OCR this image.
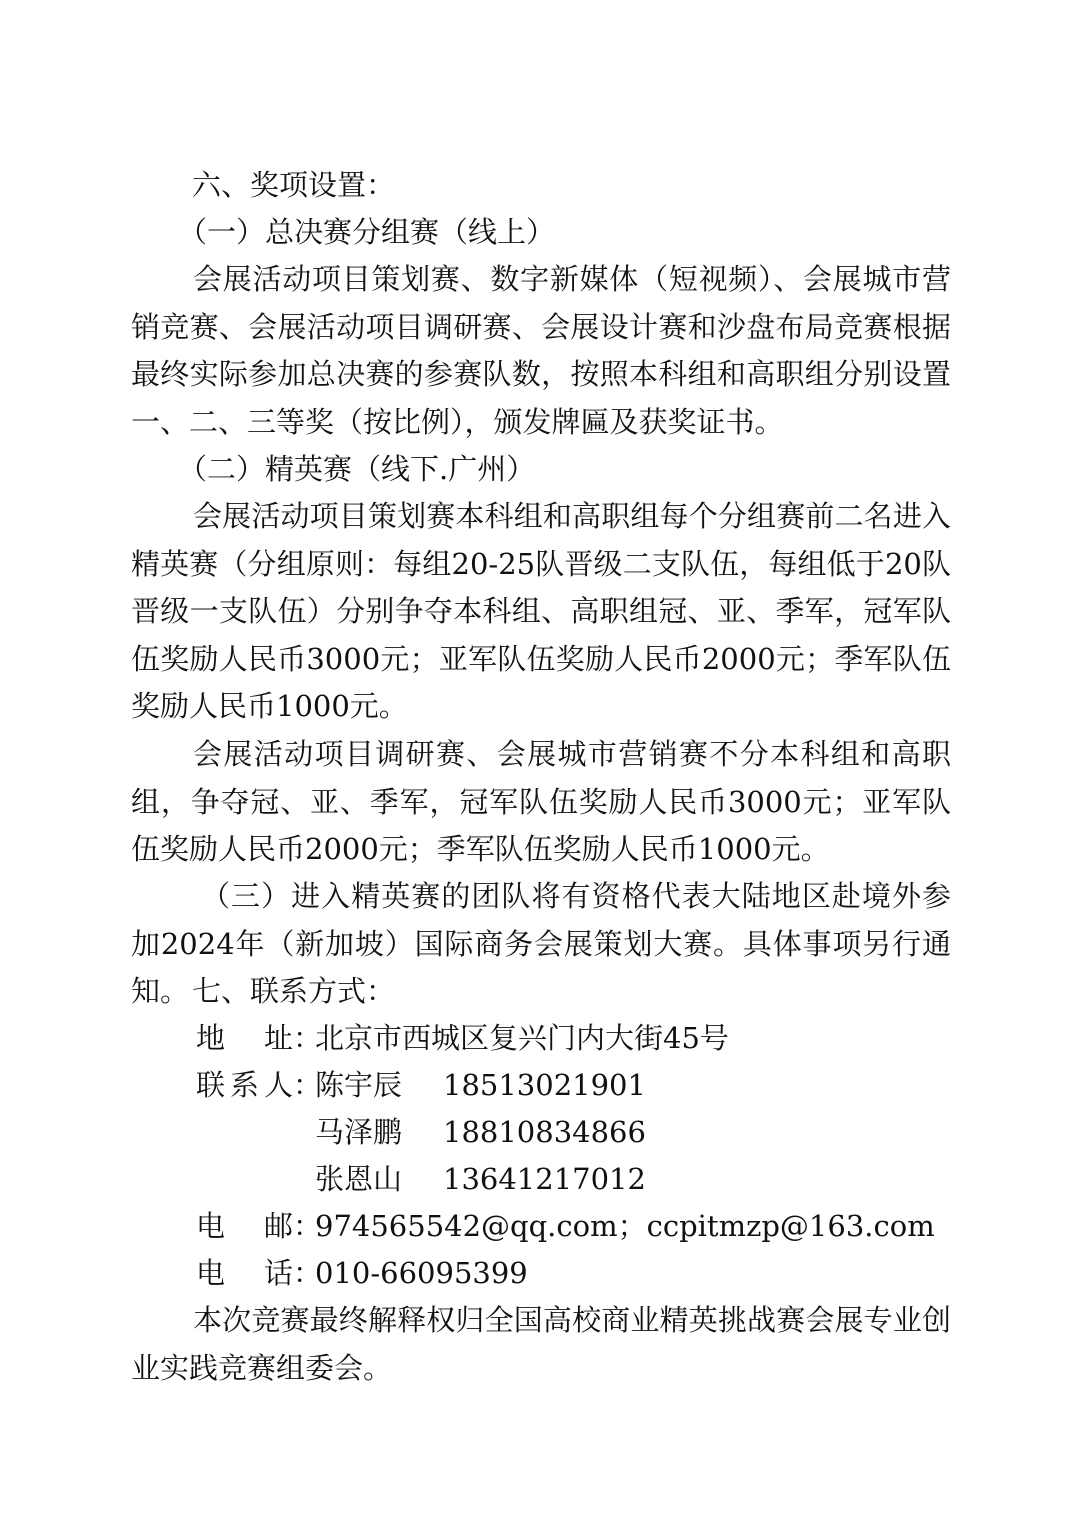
六、奖项设置：
（一）总决赛分组赛（线上）
会展活动项目策划赛、数字新媒体（短视频）、会展城市营销竞赛、会展活动项目调研赛、会展设计赛和沙盘布局竞赛根据最终实际参加总决赛的参赛队数，按照本科组和高职组分别设置一、二、三等奖（按比例），颁发牌匾及获奖证书。
（二）精英赛（线下.广州）
会展活动项目策划赛本科组和高职组每个分组赛前二名进入精英赛（分组原则：每组20-25队晋级二支队伍，每组低于20队晋级一支队伍）分别争夺本科组、高职组冠、亚、季军，冠军队伍奖励人民币3000元；亚军队伍奖励人民币2000元；季军队伍奖励人民币1000元。
会展活动项目调研赛、会展城市营销赛不分本科组和高职组，争夺冠、亚、季军，冠军队伍奖励人民币3000元；亚军队伍奖励人民币2000元；季军队伍奖励人民币1000元。
（三）进入精英赛的团队将有资格代表大陆地区赴境外参加2024年（新加坡）国际商务会展策划大赛。具体事项另行通知。 七、联系方式：
地 址：北京市西城区复兴门内大街45号
联系人：陈宇辰 18513021901
马泽鹏 18810834866
张恩山 13641217012
电 邮：974565542@qq.com；ccpitmzp@163.com
电 话：010-66095399
本次竞赛最终解释权归全国高校商业精英挑战赛会展专业创业实践竞赛组委会。
